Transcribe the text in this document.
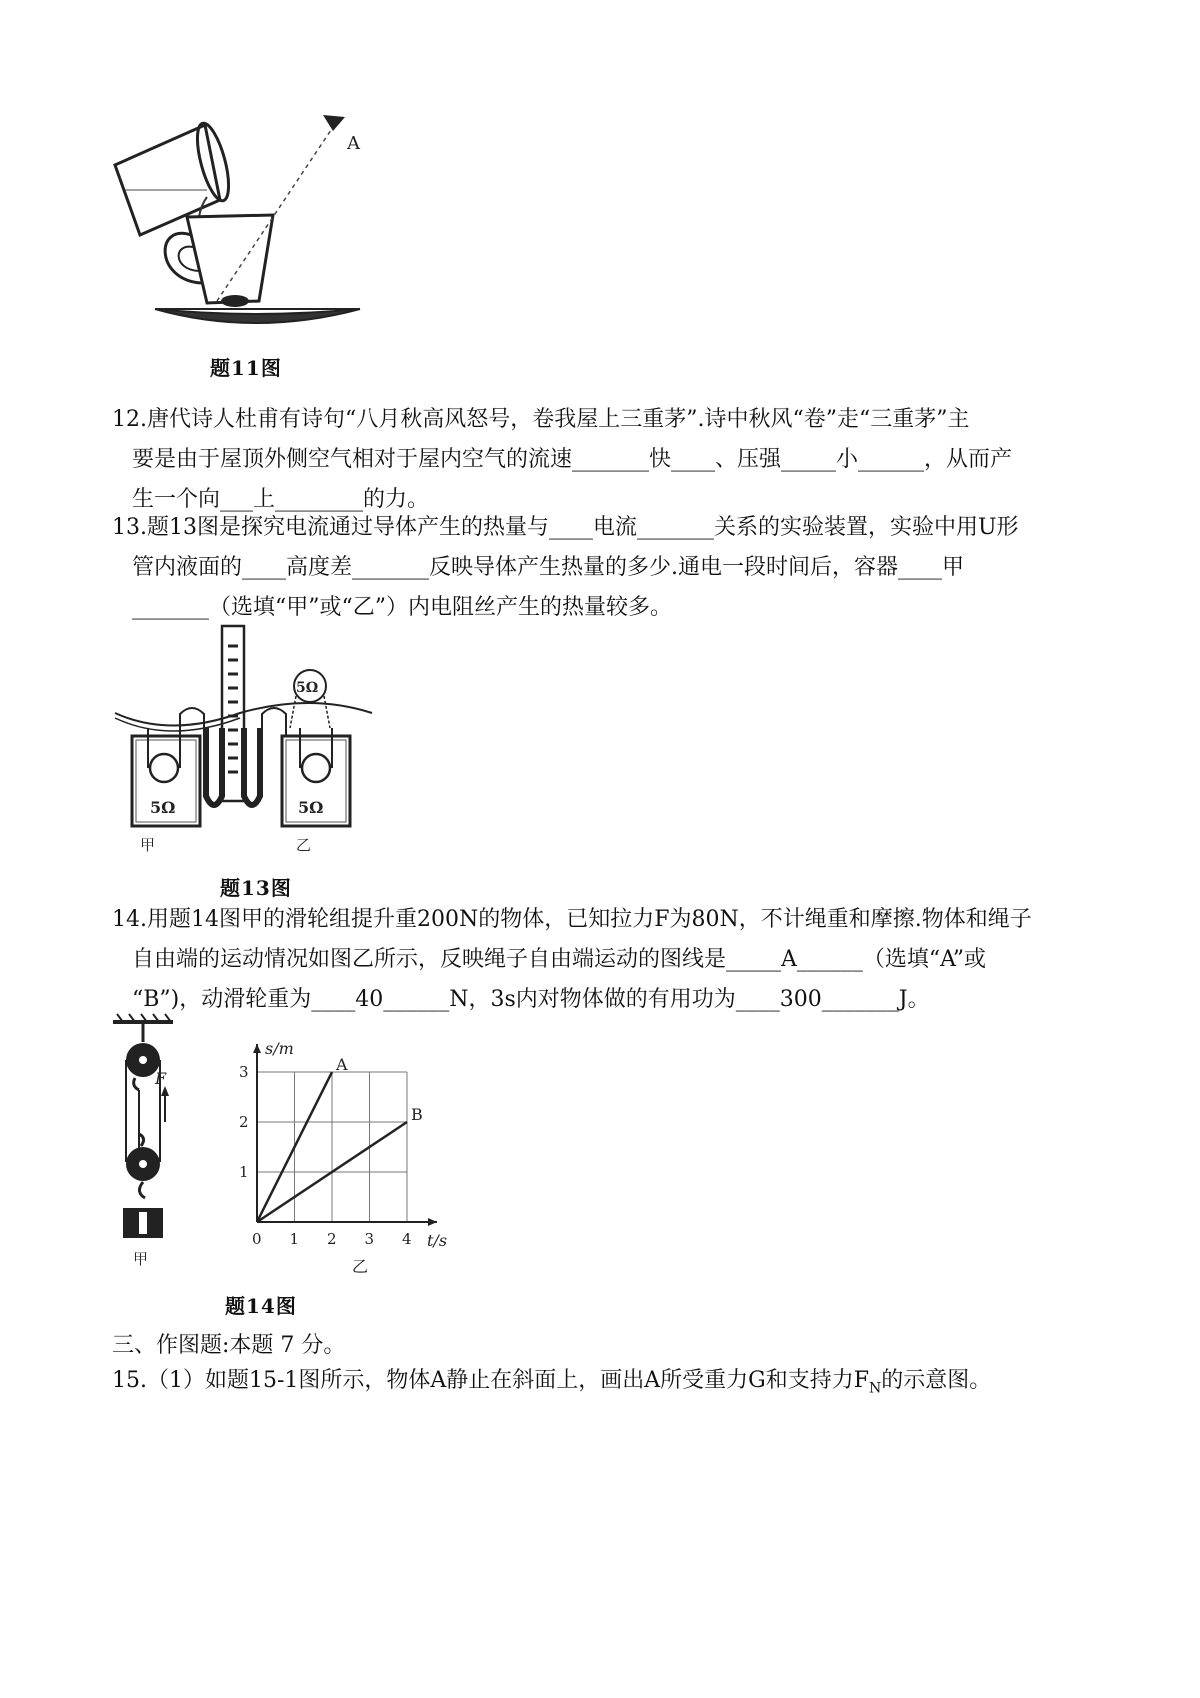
A
题11图

12.唐代诗人杜甫有诗句“八月秋高风怒号，卷我屋上三重茅”.诗中秋风“卷”走“三重茅”主

要是由于屋顶外侧空气相对于屋内空气的流速_______快____、压强_____小______，从而产

生一个向___上________的力。

13.题13图是探究电流通过导体产生的热量与____电流_______关系的实验装置，实验中用U形

管内液面的____高度差_______反映导体产生热量的多少.通电一段时间后，容器____甲

_______（选填“甲”或“乙”）内电阻丝产生的热量较多。

5Ω	5Ω
5Ω
甲	乙
题13图

14.用题14图甲的滑轮组提升重200N的物体，已知拉力F为80N，不计绳重和摩擦.物体和绳子

自由端的运动情况如图乙所示，反映绳子自由端运动的图线是_____A______（选填“A”或

“B”)，动滑轮重为____40______N，3s内对物体做的有用功为____300_______J。

F
甲
A
B
0 1 2 3 4
1
2
3
t/s
s/m
乙
题14图
三、作图题:本题 7 分。
15.（1）如题15-1图所示，物体A静止在斜面上，画出A所受重力G和支持力$F_N$的示意图。
